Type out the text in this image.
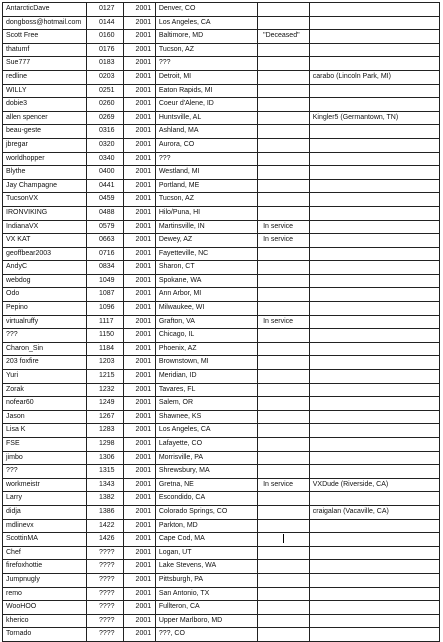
AntarcticDave	0127	2001	Denver, CO		
dongboss@hotmail.com	0144	2001	Los Angeles, CA		
Scott Free	0160	2001	Baltimore, MD	"Deceased"	
thatumf	0176	2001	Tucson, AZ		
Sue777	0183	2001	???		
redline	0203	2001	Detroit, MI		carabo (Lincoln Park, MI)
WILLY	0251	2001	Eaton Rapids, MI		
dobie3	0260	2001	Coeur d'Alene, ID		
allen spencer	0269	2001	Huntsville, AL		Kingler5 (Germantown, TN)
beau-geste	0316	2001	Ashland, MA		
jbregar	0320	2001	Aurora, CO		
worldhopper	0340	2001	???		
Blythe	0400	2001	Westland, MI		
Jay Champagne	0441	2001	Portland, ME		
TucsonVX	0459	2001	Tucson, AZ		
IRONVIKING	0488	2001	Hilo/Puna, HI		
IndianaVX	0579	2001	Martinsville, IN	In service	
VX KAT	0663	2001	Dewey, AZ	In service	
geoffbear2003	0716	2001	Fayetteville, NC		
AndyC	0834	2001	Sharon, CT		
webdog	1049	2001	Spokane, WA		
Odo	1087	2001	Ann Arbor, MI		
Pepino	1096	2001	Milwaukee, WI		
virtualruffy	1117	2001	Grafton, VA	In service	
???	1150	2001	Chicago, IL		
Charon_Sin	1184	2001	Phoenix, AZ		
203 foxfire	1203	2001	Brownstown, MI		
Yuri	1215	2001	Meridian, ID		
Zorak	1232	2001	Tavares, FL		
nofear60	1249	2001	Salem, OR		
Jason	1267	2001	Shawnee, KS		
Lisa K	1283	2001	Los Angeles, CA		
FSE	1298	2001	Lafayette, CO		
jimbo	1306	2001	Morrisville, PA		
???	1315	2001	Shrewsbury, MA		
workmeistr	1343	2001	Gretna, NE	In service	VXDude (Riverside, CA)
Larry	1382	2001	Escondido, CA		
didja	1386	2001	Colorado Springs, CO		craigalan (Vacaville, CA)
mdlinevx	1422	2001	Parkton, MD		
ScottinMA	1426	2001	Cape Cod, MA		
Chef	????	2001	Logan, UT		
firefoxhottie	????	2001	Lake Stevens, WA		
Jumpnugly	????	2001	Pittsburgh, PA		
remo	????	2001	San Antonio, TX		
WooHOO	????	2001	Fullteron, CA		
kherico	????	2001	Upper Marlboro, MD		
Tornado	????	2001	???, CO		
